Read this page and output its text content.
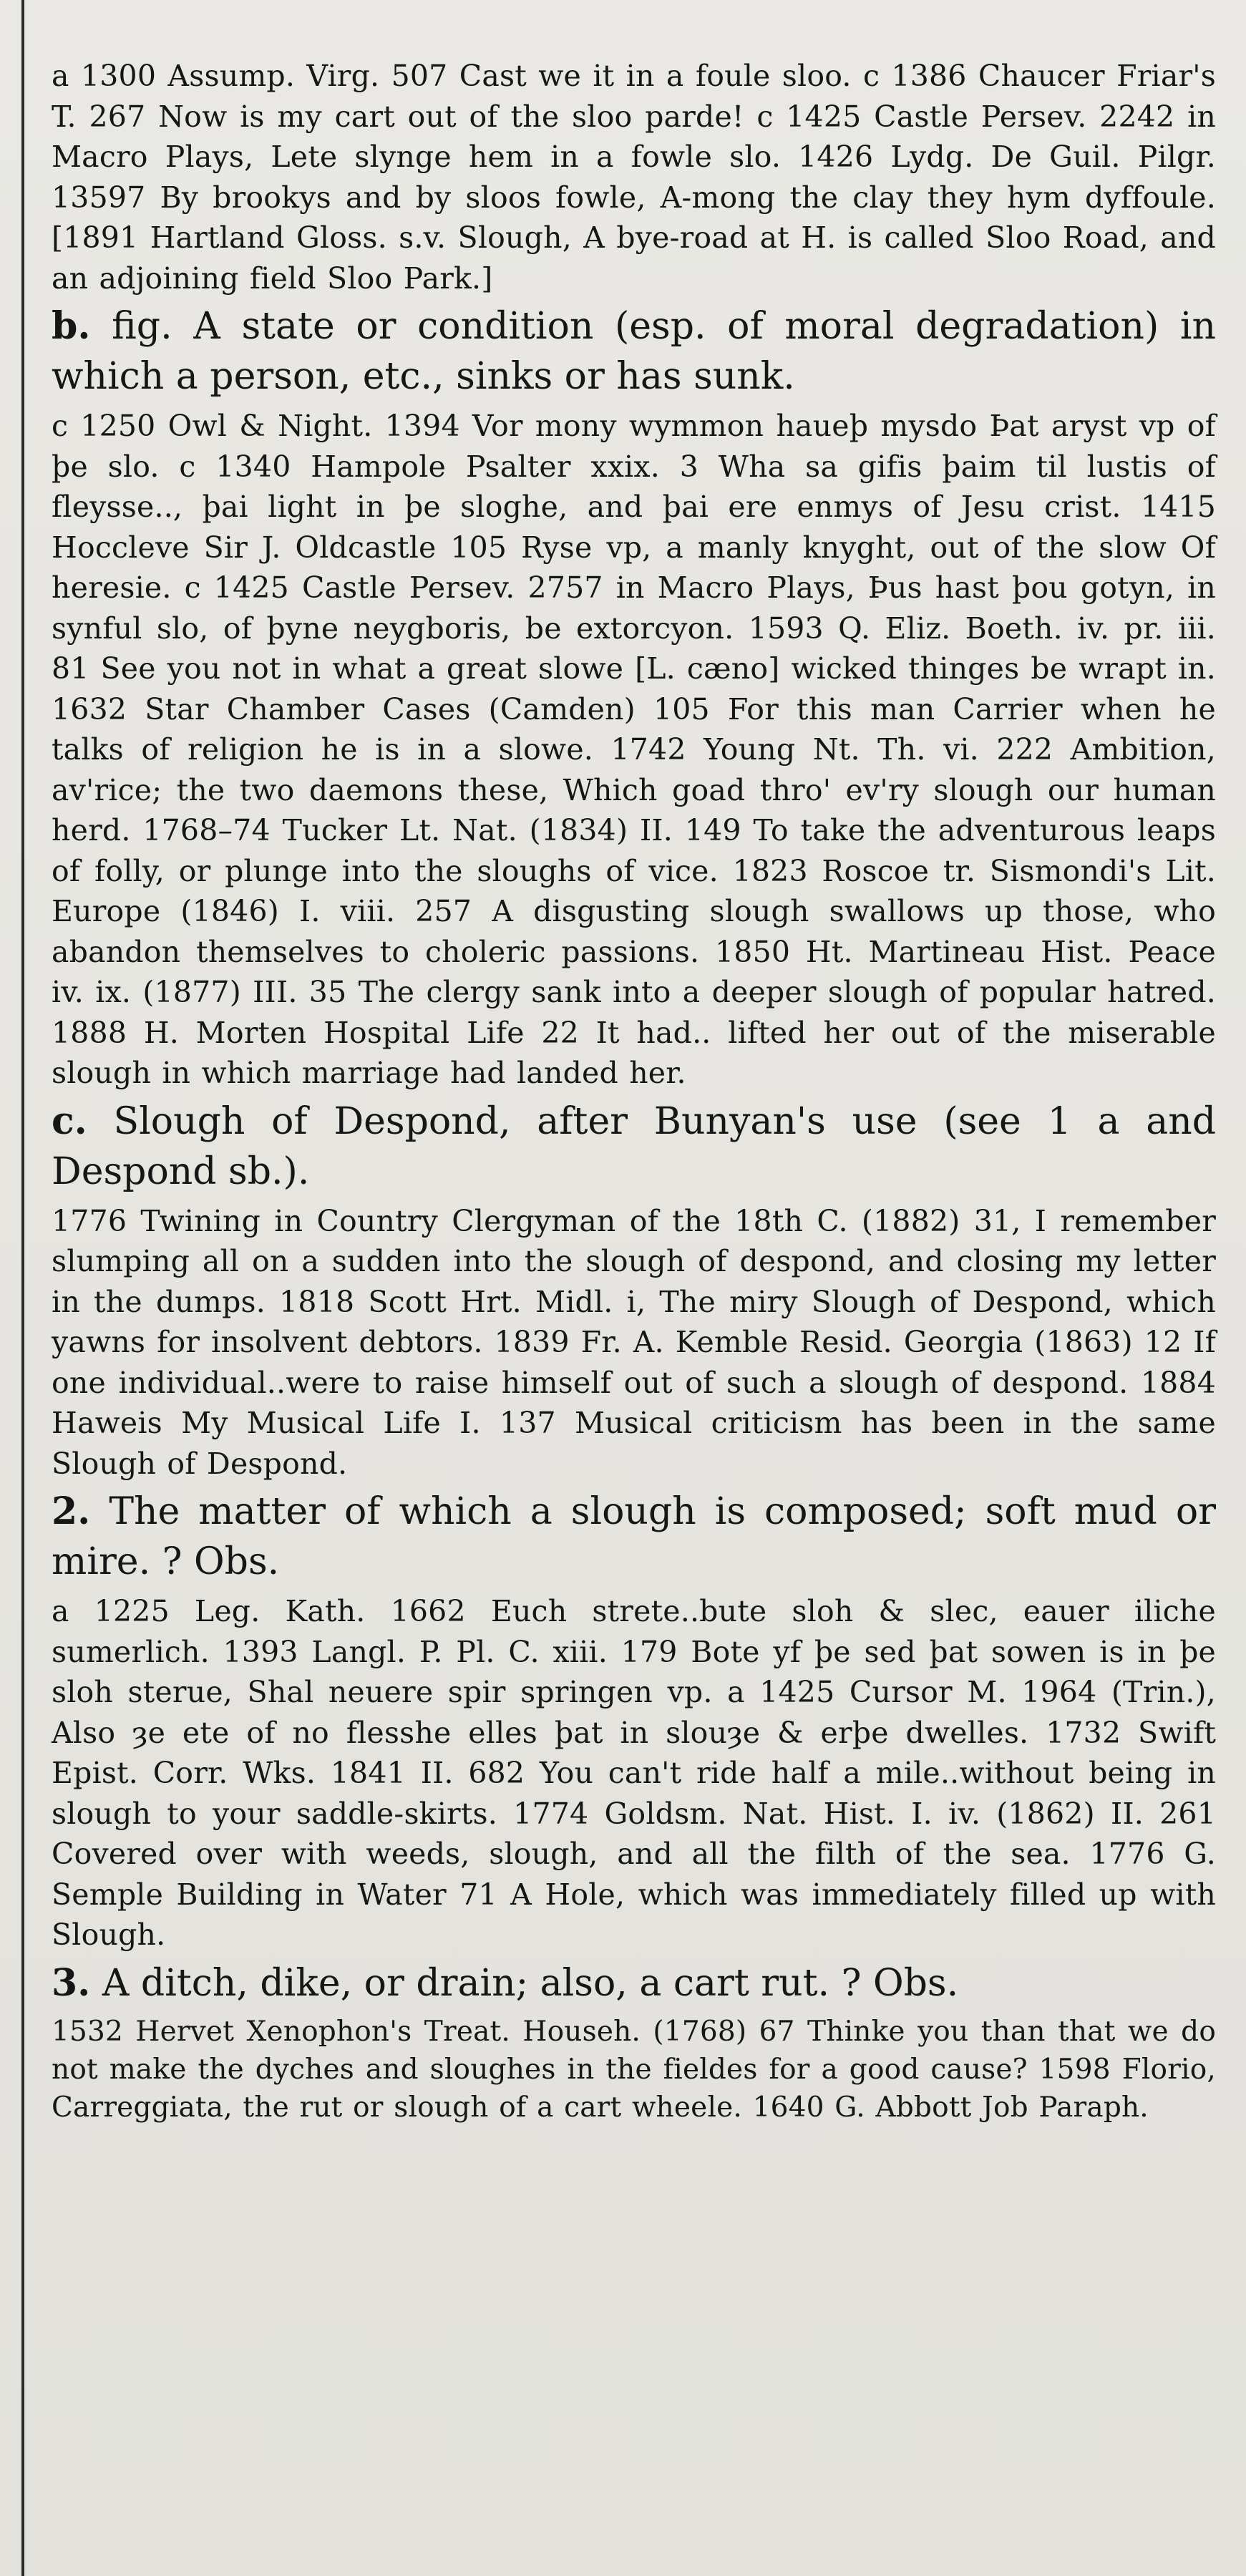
a 1300 Assump. Virg. 507 Cast we it in a foule sloo. c 1386 Chaucer Friar's T. 267 Now is my cart out of the sloo parde! c 1425 Castle Persev. 2242 in Macro Plays, Lete slynge hem in a fowle slo. 1426 Lydg. De Guil. Pilgr. 13597 By brookys and by sloos fowle, A-mong the clay they hym dyffoule. [1891 Hartland Gloss. s.v. Slough, A bye-road at H. is called Sloo Road, and an adjoining field Sloo Park.]

b. fig. A state or condition (esp. of moral degradation) in which a person, etc., sinks or has sunk.

c 1250 Owl & Night. 1394 Vor mony wymmon haueþ mysdo Þat aryst vp of þe slo. c 1340 Hampole Psalter xxix. 3 Wha sa gifis þaim til lustis of fleysse.., þai light in þe sloghe, and þai ere enmys of Jesu crist. 1415 Hoccleve Sir J. Oldcastle 105 Ryse vp, a manly knyght, out of the slow Of heresie. c 1425 Castle Persev. 2757 in Macro Plays, Þus hast þou gotyn, in synful slo, of þyne neygboris, be extorcyon. 1593 Q. Eliz. Boeth. iv. pr. iii. 81 See you not in what a great slowe [L. cæno] wicked thinges be wrapt in. 1632 Star Chamber Cases (Camden) 105 For this man Carrier when he talks of religion he is in a slowe. 1742 Young Nt. Th. vi. 222 Ambition, av'rice; the two daemons these, Which goad thro' ev'ry slough our human herd. 1768–74 Tucker Lt. Nat. (1834) II. 149 To take the adventurous leaps of folly, or plunge into the sloughs of vice. 1823 Roscoe tr. Sismondi's Lit. Europe (1846) I. viii. 257 A disgusting slough swallows up those, who abandon themselves to choleric passions. 1850 Ht. Martineau Hist. Peace iv. ix. (1877) III. 35 The clergy sank into a deeper slough of popular hatred. 1888 H. Morten Hospital Life 22 It had.. lifted her out of the miserable slough in which marriage had landed her.

c. Slough of Despond, after Bunyan's use (see 1 a and Despond sb.).

1776 Twining in Country Clergyman of the 18th C. (1882) 31, I remember slumping all on a sudden into the slough of despond, and closing my letter in the dumps. 1818 Scott Hrt. Midl. i, The miry Slough of Despond, which yawns for insolvent debtors. 1839 Fr. A. Kemble Resid. Georgia (1863) 12 If one individual..were to raise himself out of such a slough of despond. 1884 Haweis My Musical Life I. 137 Musical criticism has been in the same Slough of Despond.

2. The matter of which a slough is composed; soft mud or mire. ? Obs.

a 1225 Leg. Kath. 1662 Euch strete..bute sloh & slec, eauer iliche sumerlich. 1393 Langl. P. Pl. C. xiii. 179 Bote yf þe sed þat sowen is in þe sloh sterue, Shal neuere spir springen vp. a 1425 Cursor M. 1964 (Trin.), Also ȝe ete of no flesshe elles þat in slouȝe & erþe dwelles. 1732 Swift Epist. Corr. Wks. 1841 II. 682 You can't ride half a mile..without being in slough to your saddle-skirts. 1774 Goldsm. Nat. Hist. I. iv. (1862) II. 261 Covered over with weeds, slough, and all the filth of the sea. 1776 G. Semple Building in Water 71 A Hole, which was immediately filled up with Slough.

3. A ditch, dike, or drain; also, a cart rut. ? Obs.

1532 Hervet Xenophon's Treat. Househ. (1768) 67 Thinke you than that we do not make the dyches and sloughes in the fieldes for a good cause? 1598 Florio, Carreggiata, the rut or slough of a cart wheele. 1640 G. Abbott Job Paraph.
